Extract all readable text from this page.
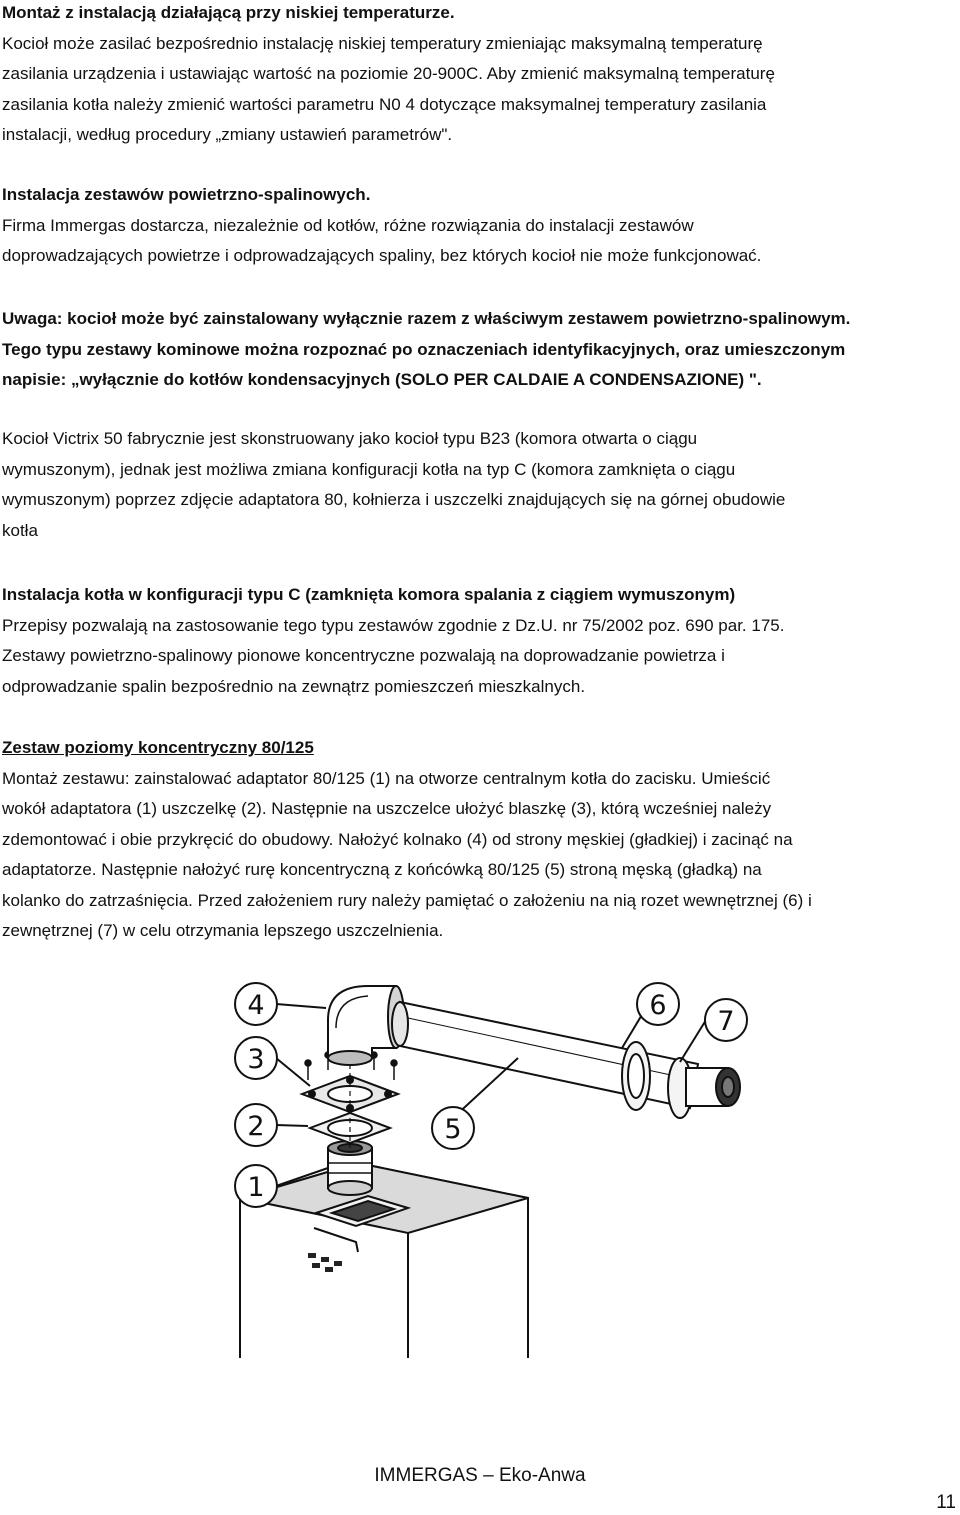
Montaż z instalacją działającą przy niskiej temperaturze.
Kocioł może zasilać bezpośrednio instalację niskiej temperatury zmieniając maksymalną temperaturę
zasilania urządzenia i ustawiając wartość na poziomie 20-900C. Aby zmienić maksymalną temperaturę
zasilania kotła należy zmienić wartości parametru N0 4 dotyczące maksymalnej temperatury zasilania
instalacji, według procedury „zmiany ustawień parametrów".
Instalacja zestawów powietrzno-spalinowych.
Firma Immergas dostarcza, niezależnie od kotłów, różne rozwiązania do instalacji zestawów
doprowadzających powietrze i odprowadzających spaliny, bez których kocioł nie może funkcjonować.
Uwaga: kocioł może być zainstalowany wyłącznie razem z właściwym zestawem powietrzno-spalinowym.
Tego typu zestawy kominowe można rozpoznać po oznaczeniach identyfikacyjnych, oraz umieszczonym
napisie: „wyłącznie do kotłów kondensacyjnych (SOLO PER CALDAIE A CONDENSAZIONE) ".
Kocioł Victrix 50 fabrycznie jest skonstruowany jako kocioł typu B23 (komora otwarta o ciągu
wymuszonym), jednak jest możliwa zmiana konfiguracji kotła na typ C (komora zamknięta o ciągu
wymuszonym) poprzez zdjęcie adaptatora 80, kołnierza i uszczelki znajdujących się na górnej obudowie
kotła
Instalacja kotła w konfiguracji typu C (zamknięta komora spalania z ciągiem wymuszonym)
Przepisy pozwalają na zastosowanie tego typu zestawów zgodnie z Dz.U. nr 75/2002 poz. 690 par. 175.
Zestawy powietrzno-spalinowy pionowe koncentryczne pozwalają na doprowadzanie powietrza i
odprowadzanie spalin bezpośrednio na zewnątrz pomieszczeń mieszkalnych.
Zestaw poziomy koncentryczny 80/125
Montaż zestawu: zainstalować adaptator 80/125 (1) na otworze centralnym kotła do zacisku. Umieścić
wokół adaptatora (1) uszczelkę (2). Następnie na uszczelce ułożyć blaszkę (3), którą wcześniej należy
zdemontować i obie przykręcić do obudowy. Nałożyć kolnako (4) od strony męskiej (gładkiej) i zacinąć na
adaptatorze. Następnie nałożyć rurę koncentryczną z końcówką 80/125 (5) stroną męską (gładką) na
kolanko do zatrzaśnięcia. Przed założeniem rury należy pamiętać o założeniu na nią rozet wewnętrznej (6) i
zewnętrznej (7) w celu otrzymania lepszego uszczelnienia.
4
3
2
1
5
6
7
IMMERGAS – Eko-Anwa
11
